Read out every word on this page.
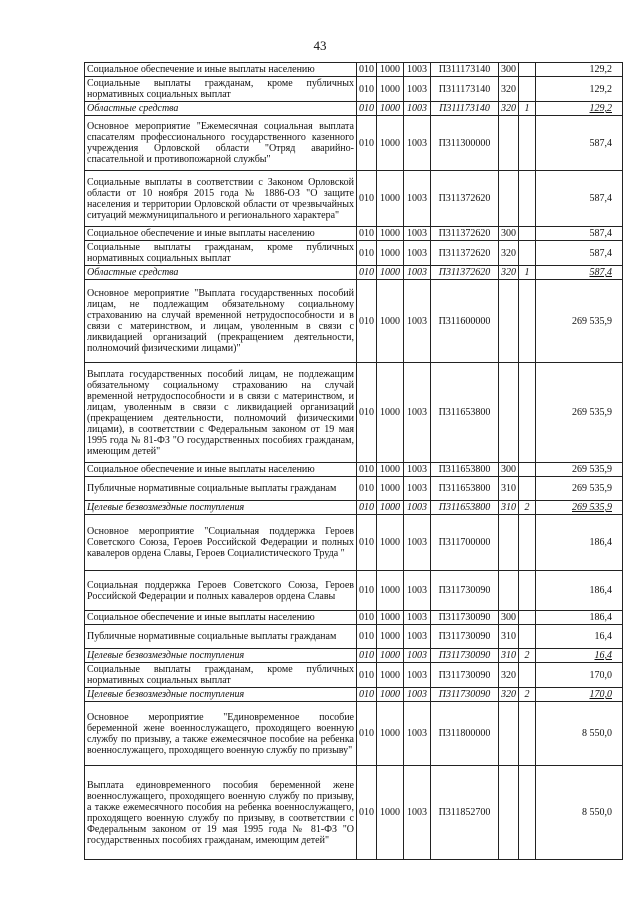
43
Социальное обеспечение и иные выплаты населению	010	1000	1003	П311173140	300		129,2
Социальные выплаты гражданам, кроме публичных нормативных социальных выплат	010	1000	1003	П311173140	320		129,2
Областные средства	010	1000	1003	П311173140	320	1	129,2
Основное мероприятие "Ежемесячная социальная выплата спасателям профессионального государственного казенного учреждения Орловской области "Отряд аварийно-спасательной и противопожарной службы"	010	1000	1003	П311300000			587,4
Социальные выплаты в соответствии с Законом Орловской области от 10 ноября 2015 года № 1886-ОЗ "О защите населения и территории Орловской области от чрезвычайных ситуаций межмуниципального и регионального характера"	010	1000	1003	П311372620			587,4
Социальное обеспечение и иные выплаты населению	010	1000	1003	П311372620	300		587,4
Социальные выплаты гражданам, кроме публичных нормативных социальных выплат	010	1000	1003	П311372620	320		587,4
Областные средства	010	1000	1003	П311372620	320	1	587,4
Основное мероприятие "Выплата государственных пособий лицам, не подлежащим обязательному социальному страхованию на случай временной нетрудоспособности и в связи с материнством, и лицам, уволенным в связи с ликвидацией организаций (прекращением деятельности, полномочий физическими лицами)"	010	1000	1003	П311600000			269 535,9
Выплата государственных пособий лицам, не подлежащим обязательному социальному страхованию на случай временной нетрудоспособности и в связи с материнством, и лицам, уволенным в связи с ликвидацией организаций (прекращением деятельности, полномочий физическими лицами), в соответствии с Федеральным законом от 19 мая 1995 года № 81-ФЗ "О государственных пособиях гражданам, имеющим детей"	010	1000	1003	П311653800			269 535,9
Социальное обеспечение и иные выплаты населению	010	1000	1003	П311653800	300		269 535,9
Публичные нормативные социальные выплаты гражданам	010	1000	1003	П311653800	310		269 535,9
Целевые безвозмездные поступления	010	1000	1003	П311653800	310	2	269 535,9
Основное мероприятие "Социальная поддержка Героев Советского Союза, Героев Российской Федерации и полных кавалеров ордена Славы, Героев Социалистического Труда "	010	1000	1003	П311700000			186,4
Социальная поддержка Героев Советского Союза, Героев Российской Федерации и полных кавалеров ордена Славы	010	1000	1003	П311730090			186,4
Социальное обеспечение и иные выплаты населению	010	1000	1003	П311730090	300		186,4
Публичные нормативные социальные выплаты гражданам	010	1000	1003	П311730090	310		16,4
Целевые безвозмездные поступления	010	1000	1003	П311730090	310	2	16,4
Социальные выплаты гражданам, кроме публичных нормативных социальных выплат	010	1000	1003	П311730090	320		170,0
Целевые безвозмездные поступления	010	1000	1003	П311730090	320	2	170,0
Основное мероприятие "Единовременное пособие беременной жене военнослужащего, проходящего военную службу по призыву, а также ежемесячное пособие на ребенка военнослужащего, проходящего военную службу по призыву"	010	1000	1003	П311800000			8 550,0
Выплата единовременного пособия беременной жене военнослужащего, проходящего военную службу по призыву, а также ежемесячного пособия на ребенка военнослужащего, проходящего военную службу по призыву, в соответствии с Федеральным законом от 19 мая 1995 года № 81-ФЗ "О государственных пособиях гражданам, имеющим детей"	010	1000	1003	П311852700			8 550,0
